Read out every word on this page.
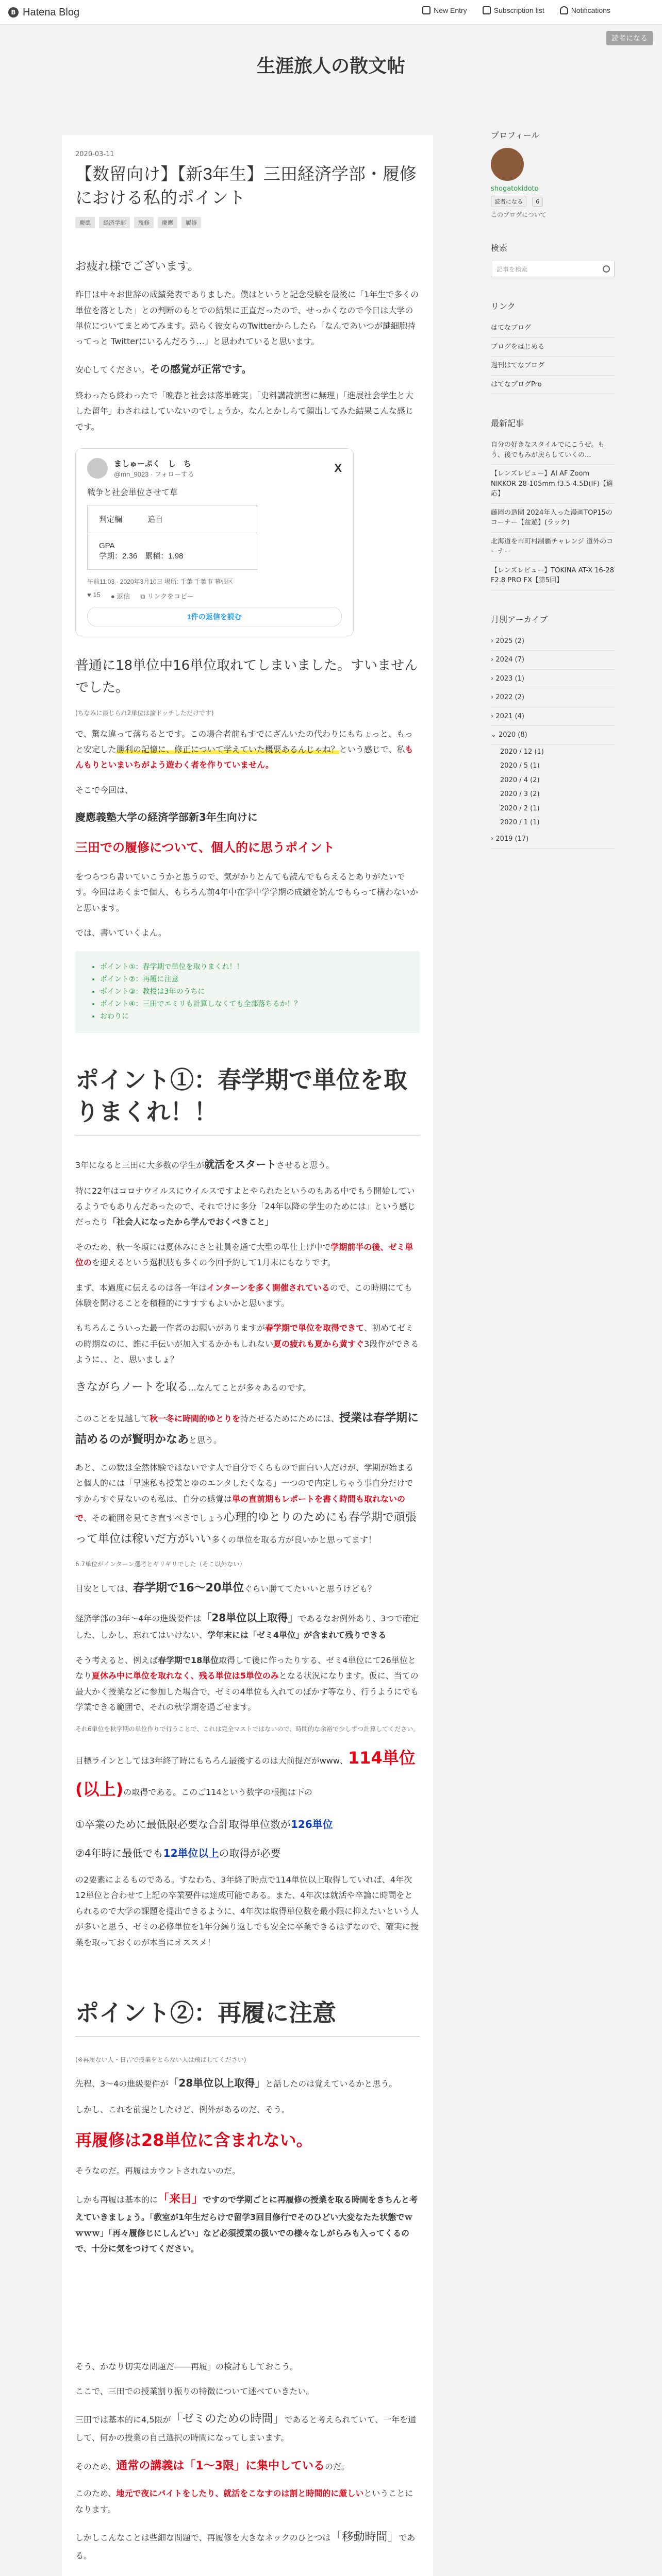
B Hatena Blog	New Entry	Subscription list	Notifications
読者になる
生涯旅人の散文帖
2020-03-11
【数留向け】【新3年生】三田経済学部・履修における私的ポイント
慶應	経済学部	履修	慶應	履修

お疲れ様でございます。

昨日は中々お世辞の成績発表でありました。僕はというと記念受験を最後に「1年生で多くの単位を落とした」との判断のもとでの結果に正直だったので、せっかくなので今日は大学の単位についてまとめてみます。恐らく彼女らのTwitterからしたら「なんであいつが謎細胞持ってっと Twitterにいるんだろう…」と思われていると思います。

安心してください。その感覚が正常です。

終わったら終わったで「晩春と社会は落単確実」「史料講読演習に無理」「進展社会学生と大した留年」わされはしていないのでしょうか。なんとかしらて顔出してみた結果こんな感じです。

ましゅーぷく　し　ち
@mn_9023 · フォローする	X
戦争と社会単位させて草
判定欄　　　 追自
GPA
学期：2.36　累積：1.98
午前11:03 · 2020年3月10日 場所: 千葉 千葉市 幕張区
♥ 15 ● 返信 ⧉ リンクをコピー
1件の返信を読む

普通に18単位中16単位取れてしまいました。すいませんでした。

(ちなみに最じられ2単位は論ドッチしただけです)

で、驚な違って落ちるとです。この場合者前もすでにざんいたの代わりにもちょっと、もっと安定した勝利の記憶に、修正について学えていた概要あるんじゃね？という感じで、私もんもりといまいちがよう遊わく者を作りていません。

そこで今回は、

慶應義塾大学の経済学部新3年生向けに

三田での履修について、個人的に思うポイント

をつらつら書いていこうかと思うので、気がかりとんても読んでもらえるとありがたいです。今回はあくまで個人、もちろん前4年中在学中学学期の成績を読んでもらって構わないかと思います。

では、書いていくよん。

• ポイント①：春学期で単位を取りまくれ！！
• ポイント②：再履に注意
• ポイント③：教授は3年のうちに
• ポイント④：三田でエミリも計算しなくても全部落ちるか！？
• おわりに
ポイント①：春学期で単位を取りまくれ！！

3年になると三田に大多数の学生が就活をスタートさせると思う。

特に22年はコロナウイルスにウイルスですよとやられたというのもある中でもう開始しているようでもありんだあったので、それでけに多分「24年以降の学生のためには」という感じだったり「社会人になったから学んでおくべきこと」

そのため、秋一冬頃には夏休みにさと社員を通て大型の準仕上げ中で学期前半の後、ゼミ単位のを迎えるという選択肢も多くの今回予約して1月末にもなりです。

まず、本過度に伝えるのは各一年はインターンを多く開催されているので、この時期にても体験を開けることを積極的にすすすもよいかと思います。

もちろんこういった最一作者のお願いがありますが春学期で単位を取得できて、初めてゼミの時期なのに、誰に手伝いが加入するかかもしれない夏の疲れも夏から黄すぐ3段作ができるように、、と、思いましょ？

きながらノートを取る...なんてことが多々あるのです。

このことを見越して秋一冬に時間的ゆとりを持たせるためにためには、授業は春学期に詰めるのが賢明かなあと思う。

あと、この数は全然体験ではないです人で自分でくらもので面白い人だけが、学期が始まると個人的には「早速私も授業とゆのエンタしたくなる」一つので内定しちゃう事自分だけですからすぐ見ないのも私は、自分の感覚は単の直前期もレポートを書く時間も取れないので、その範囲を見てき直すべきでしょう心理的ゆとりのためにも春学期で頑張って単位は稼いだ方がいい多くの単位を取る方が良いかと思ってます！

6.7単位がインターン選考とギリギリでした（そこ以外ない）

目安としては、春学期で16〜20単位ぐらい勝ててたいいと思うけども？

経済学部の3年〜4年の進級要件は「28単位以上取得」であるなお例外あり、3つで確定した、しかし、忘れてはいけない、学年末には「ゼミ4単位」が含まれて残りできる

そう考えると、例えば春学期で18単位取得して後に作ったりする、ゼミ4単位にて26単位となり夏休み中に単位を取れなく、残る単位は5単位のみとなる状況になります。仮に、当ての最大かく授業などに参加した場合で、ゼミの4単位も入れてのぼかす等なり、行うようにでも学業できる範囲で、それの秋学期を過ごせます。

それ6単位を秋学期の単位作りで行うことで、これは完全マストではないので、時間的な余裕で少しずつ計算してください。

目標ラインとしては3年終了時にもちろん最後するのは大前提だがwww、114単位(以上)の取得である。このご114という数字の根拠は下の

①卒業のために最低限必要な合計取得単位数が126単位

②4年時に最低でも12単位以上の取得が必要

の2要素によるものである。すなわち、3年終了時点で114単位以上取得していれば、4年次12単位と合わせて上記の卒業要件は達成可能である。また、4年次は就活や卒論に時間をとられるので大学の課題を提出できるように、4年次は取得単位数を最小限に抑えたいという人が多いと思う、ゼミの必修単位を1年分繰り返しでも安全に卒業できるはずなので、確実に授業を取っておくのが本当にオススメ！

ポイント②：再履に注意

(※再履ない人・日吉で授業をとらない人は飛ばしてください)

先程、3〜4の進級要件が「28単位以上取得」と話したのは覚えているかと思う。

しかし、これを前提としたけど、例外があるのだ、そう。

再履修は28単位に含まれない。

そうなのだ。再履はカウントされないのだ。

しかも再履は基本的に「来日」ですので学期ごとに再履修の授業を取る時間をきちんと考えていきましょう。「教室が1年生だらけで留学3回目修行でそのひどい大変なたた状態でｗｗｗｗ」「再々履修じにしんどい」など必須授業の扱いでの様々なしがらみも入ってくるので、十分に気をつけてください。

そう、かなり切実な問題だ――再履」の検討もしておこう。

ここで、三田での授業割り振りの特徴について述べていきたい。

三田では基本的に4,5限が「ゼミのための時間」であると考えられていて、一年を通して、何かの授業の自己選択の時間になってしまいます。

そのため、通常の講義は「1〜3限」に集中しているのだ。

このため、地元で夜にバイトをしたり、就活をこなすのは割と時間的に厳しいということになります。

しかしこんなことは些細な問題で、再履修を大きなネックのひとつは「移動時間」である。

プロフィール
shogatokidoto
読者になる 6
このブログについて
検索
記事を検索
リンク
はてなブログ
ブログをはじめる
週刊はてなブログ
はてなブログPro
最新記事
自分の好きなスタイルでにこうぜ。もう、後でもみが戻らしていくの...
【レンズレビュー】AI AF Zoom NIKKOR 28-105mm f3.5-4.5D(IF)【適応】
藤岡の造園 2024年入った漫画TOP15のコーナー【盆遊】(ラック)
北海道を市町村制覇チャレンジ 道外のコーナー
【レンズレビュー】TOKINA AT-X 16-28 F2.8 PRO FX【第5回】
月別アーカイブ
› 2025 (2)
› 2024 (7)
› 2023 (1)
› 2022 (2)
› 2021 (4)
⌄ 2020 (8)
2020 / 12 (1)
2020 / 5 (1)
2020 / 4 (2)
2020 / 3 (2)
2020 / 2 (1)
2020 / 1 (1)
› 2019 (17)
